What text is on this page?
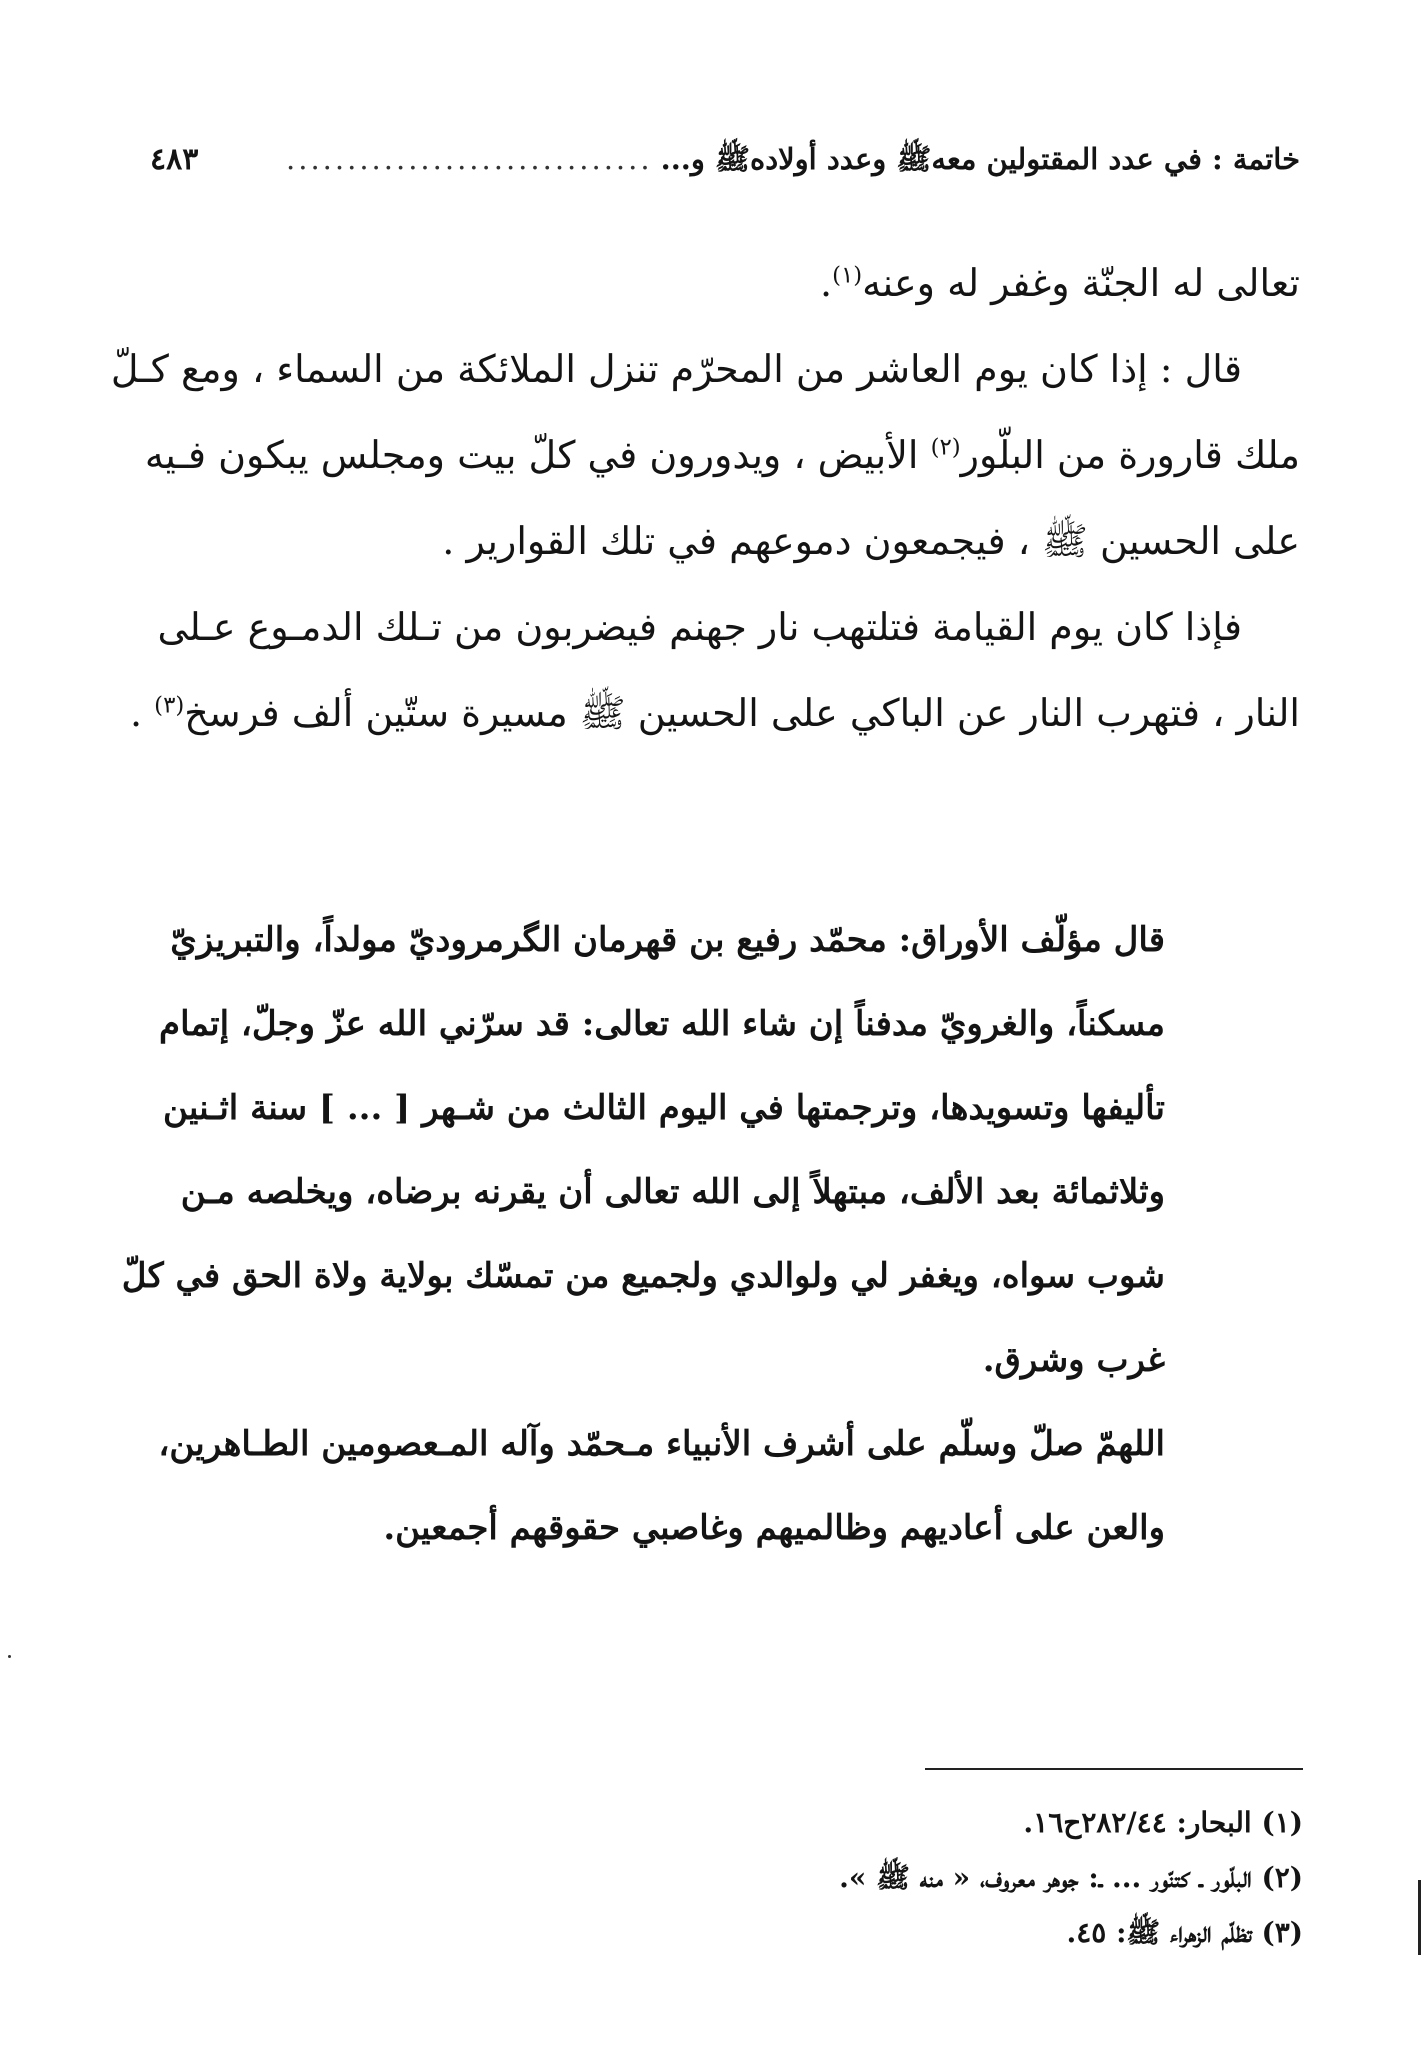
خاتمة : في عدد المقتولين معه‏ﷺ وعدد أولاده‏ﷺ و...
..............................
٤٨٣
تعالى له الجنّة وغفر له وعنه$^{(١)}$.
قال : إذا كان يوم العاشر من المحرّم تنزل الملائكة من السماء ، ومع كـلّ
ملك قارورة من البلّور$^{(٢)}$ الأبيض ، ويدورون في كلّ بيت ومجلس يبكون فـيه
على الحسين ﷺ ، فيجمعون دموعهم في تلك القوارير .
فإذا كان يوم القيامة فتلتهب نار جهنم فيضربون من تـلك الدمـوع عـلى
النار ، فتهرب النار عن الباكي على الحسين ﷺ مسيرة ستّين ألف فرسخ$^{(٣)}$ .
قال مؤلّف الأوراق: محمّد رفيع بن قهرمان الگرمروديّ مولداً، والتبريزيّ
مسكناً، والغرويّ مدفناً إن شاء الله تعالى: قد سرّني الله عزّ وجلّ، إتمام
تأليفها وتسويدها، وترجمتها في اليوم الثالث من شـهر [ ... ] سنة اثـنين
وثلاثمائة بعد الألف، مبتهلاً إلى الله تعالى أن يقرنه برضاه، ويخلصه مـن
شوب سواه، ويغفر لي ولوالدي ولجميع من تمسّك بولاية ولاة الحق في كلّ
غرب وشرق.
اللهمّ صلّ وسلّم على أشرف الأنبياء مـحمّد وآله المـعصومين الطـاهرين،
والعن على أعاديهم وظالميهم وغاصبي حقوقهم أجمعين.
(١) البحار: ٢٨٢/٤٤ح١٦.
(٢) البلّور ـ كتنّور ... ـ: جوهر معروف، « منه ﷺ ».
(٣) تظلّم الزهراء ﷺ: ٤٥.
